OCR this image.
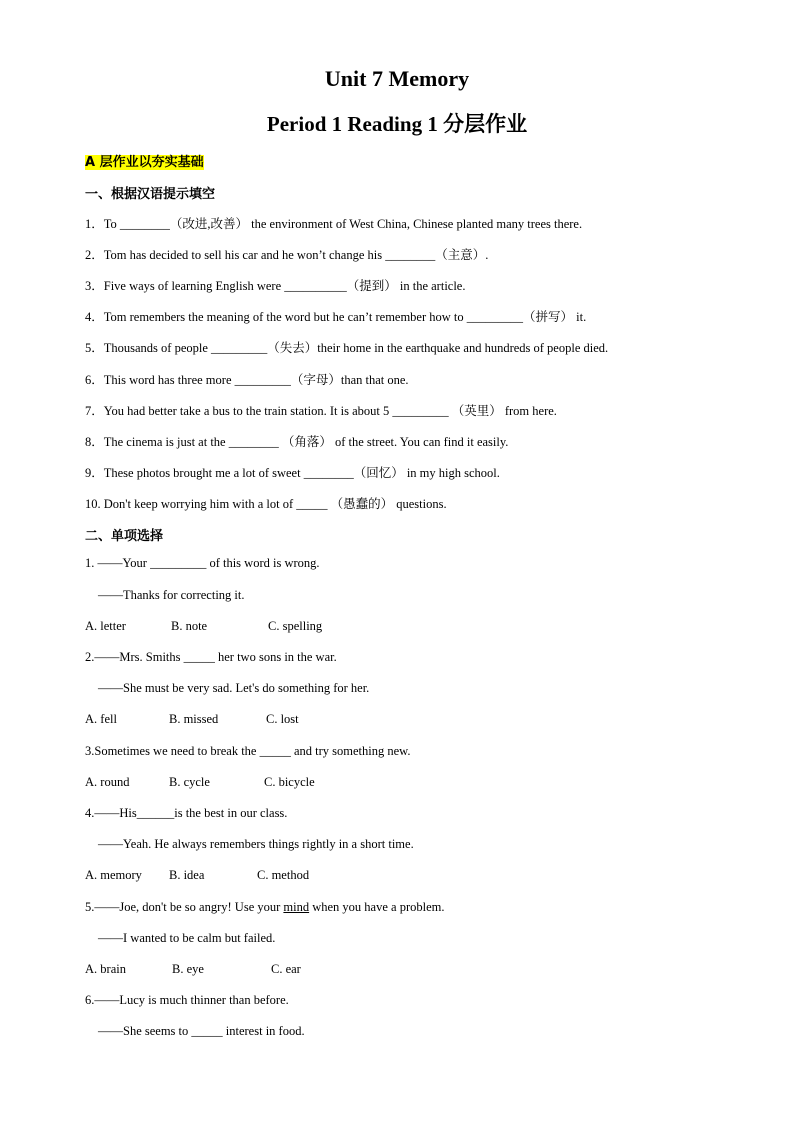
Unit 7 Memory
Period 1 Reading 1 分层作业
A 层作业以夯实基础
一、根据汉语提示填空
1．To ________（改进,改善） the environment of West China, Chinese planted many trees there.
2．Tom has decided to sell his car and he won’t change his ________（主意）.
3．Five ways of learning English were __________（提到） in the article.
4．Tom remembers the meaning of the word but he can’t remember how to _________（拼写） it.
5．Thousands of people _________（失去）their home in the earthquake and hundreds of people died.
6．This word has three more _________（字母）than that one.
7．You had better take a bus to the train station. It is about 5 _________ （英里） from here.
8．The cinema is just at the ________ （角落） of the street. You can find it easily.
9．These photos brought me a lot of sweet ________（回忆） in my high school.
10. Don't keep worrying him with a lot of _____ （愚蠢的） questions.
二、单项选择
1. ——Your _________ of this word is wrong.
——Thanks for correcting it.

A. letter

	B. note

	C. spelling

2.——Mrs. Smiths _____ her two sons in the war.
——She must be very sad. Let's do something for her.

A. fell

	B. missed

	C. lost

3.Sometimes we need to break the _____ and try something new.

A. round

	B. cycle

	C. bicycle

4.——His______is the best in our class.
——Yeah. He always remembers things rightly in a short time.

A. memory

B. idea

	C. method

5.——Joe, don't be so angry! Use your mind when you have a problem.
——I wanted to be calm but failed.

A. brain

	B. eye

	C. ear

6.——Lucy is much thinner than before.
——She seems to _____ interest in food.
